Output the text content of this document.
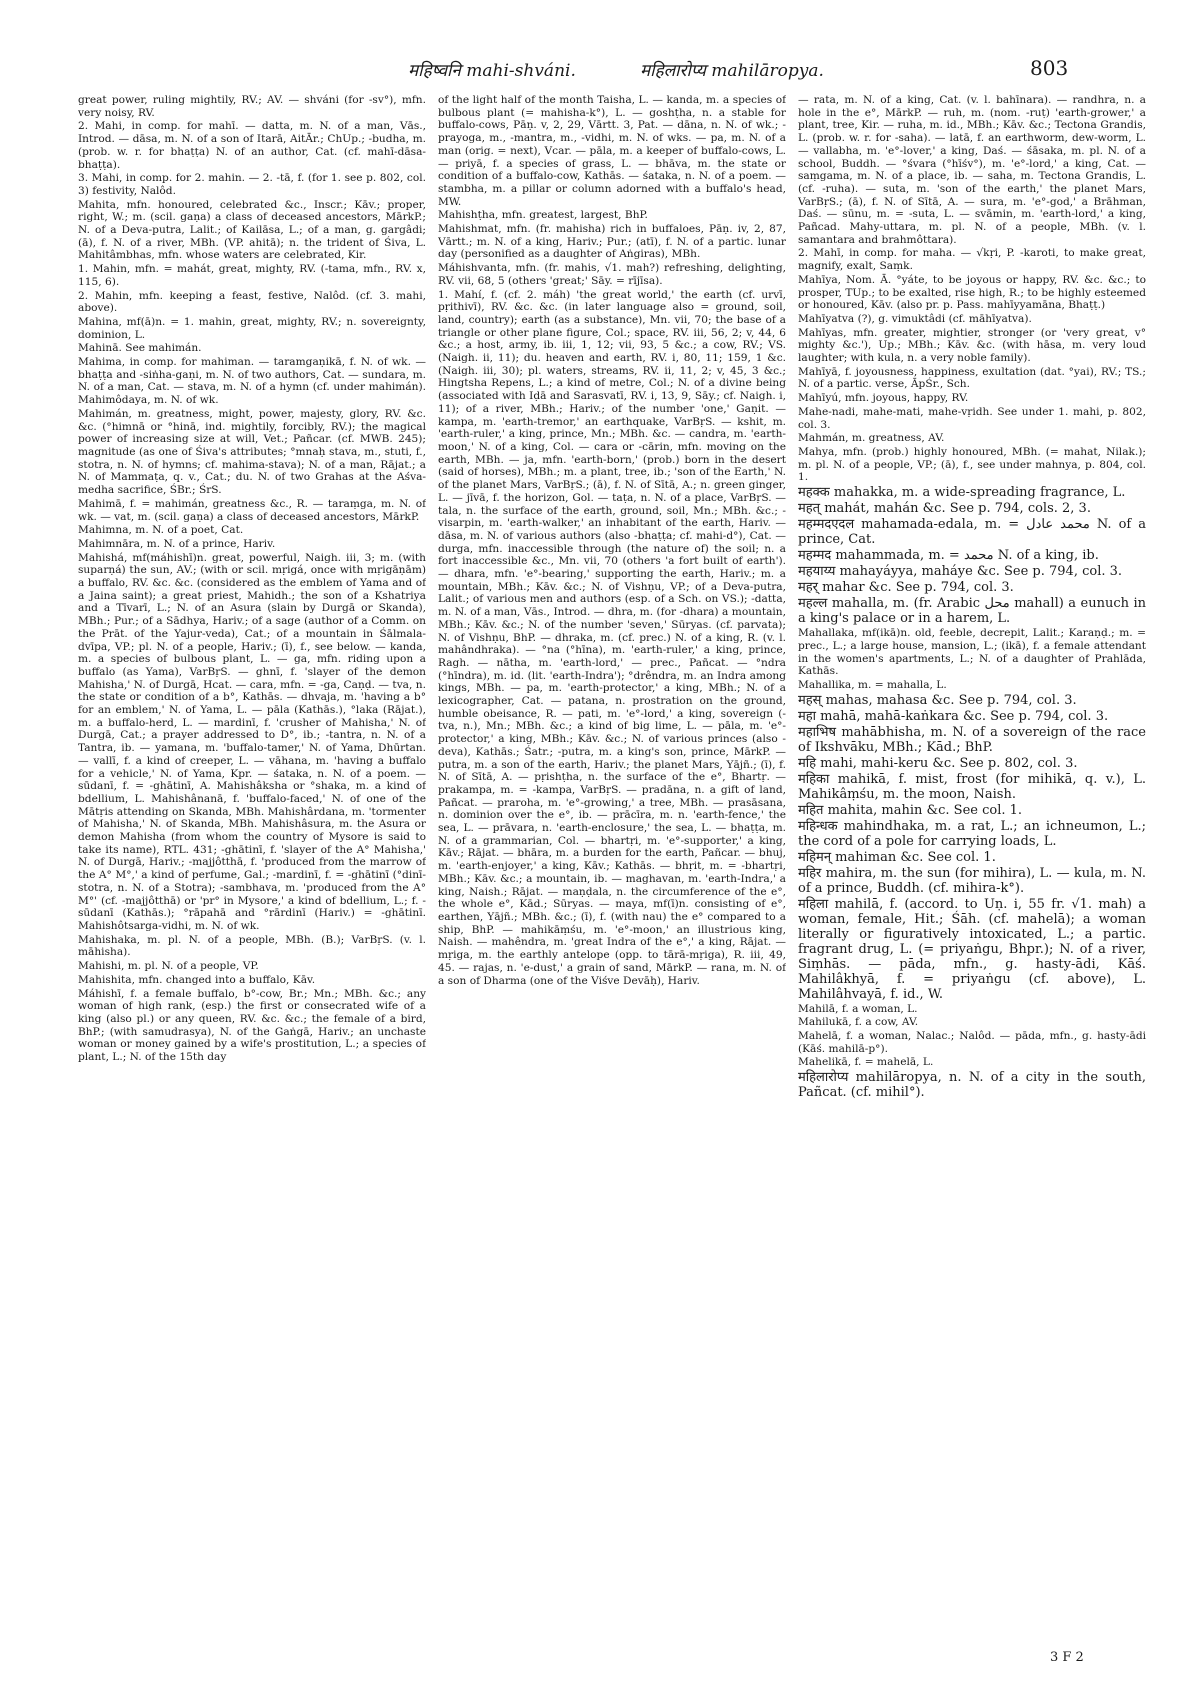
महिष्वनि mahi-shváni.	महिलारोप्य mahilāropya.	803

great power, ruling mightily, RV.; AV. — shváni (for -sv°), mfn. very noisy, RV.

2. Mahi, in comp. for mahī. — datta, m. N. of a man, Vās., Introd. — dāsa, m. N. of a son of Itarā, AitĀr.; ChUp.; -budha, m. (prob. w. r. for bhaṭṭa) N. of an author, Cat. (cf. mahī-dāsa-bhaṭṭa).

3. Mahi, in comp. for 2. mahin. — 2. -tā, f. (for 1. see p. 802, col. 3) festivity, Nalôd.

Mahita, mfn. honoured, celebrated &c., Inscr.; Kāv.; proper, right, W.; m. (scil. gaṇa) a class of deceased ancestors, MārkP.; N. of a Deva-putra, Lalit.; of Kailāsa, L.; of a man, g. gargâdi; (ā), f. N. of a river, MBh. (VP. ahitā); n. the trident of Śiva, L. Mahitâmbhas, mfn. whose waters are celebrated, Kir.

1. Mahin, mfn. = mahát, great, mighty, RV. (-tama, mfn., RV. x, 115, 6).

2. Mahin, mfn. keeping a feast, festive, Nalôd. (cf. 3. mahi, above).

Mahina, mf(ā)n. = 1. mahin, great, mighty, RV.; n. sovereignty, dominion, L.

Mahinā. See mahimán.

Mahima, in comp. for mahiman. — taramgaṇikā, f. N. of wk. — bhaṭṭa and -siṅha-gaṇi, m. N. of two authors, Cat. — sundara, m. N. of a man, Cat. — stava, m. N. of a hymn (cf. under mahimán). Mahimôdaya, m. N. of wk.

Mahimán, m. greatness, might, power, majesty, glory, RV. &c. &c. (°himnā or °hinā, ind. mightily, forcibly, RV.); the magical power of increasing size at will, Vet.; Pañcar. (cf. MWB. 245); magnitude (as one of Śiva's attributes; °mnaḥ stava, m., stuti, f., stotra, n. N. of hymns; cf. mahima-stava); N. of a man, Rājat.; a N. of Mammaṭa, q. v., Cat.; du. N. of two Grahas at the Aśva-medha sacrifice, ŚBr.; ŚrS.

Mahimā, f. = mahimán, greatness &c., R. — taraṃga, m. N. of wk. — vat, m. (scil. gaṇa) a class of deceased ancestors, MārkP.

Mahimna, m. N. of a poet, Cat.

Mahimnāra, m. N. of a prince, Hariv.

Mahishá, mf(máhishī)n. great, powerful, Naigh. iii, 3; m. (with suparṇá) the sun, AV.; (with or scil. mṛigá, once with mṛigāṇām) a buffalo, RV. &c. &c. (considered as the emblem of Yama and of a Jaina saint); a great priest, Mahidh.; the son of a Kshatriya and a Tīvarī, L.; N. of an Asura (slain by Durgā or Skanda), MBh.; Pur.; of a Sādhya, Hariv.; of a sage (author of a Comm. on the Prāt. of the Yajur-veda), Cat.; of a mountain in Śālmala-dvīpa, VP.; pl. N. of a people, Hariv.; (ī), f., see below. — kanda, m. a species of bulbous plant, L. — ga, mfn. riding upon a buffalo (as Yama), VarBṛS. — ghnī, f. 'slayer of the demon Mahisha,' N. of Durgā, Hcat. — cara, mfn. = -ga, Caṇḍ. — tva, n. the state or condition of a b°, Kathās. — dhvaja, m. 'having a b° for an emblem,' N. of Yama, L. — pāla (Kathās.), °laka (Rājat.), m. a buffalo-herd, L. — mardinī, f. 'crusher of Mahisha,' N. of Durgā, Cat.; a prayer addressed to D°, ib.; -tantra, n. N. of a Tantra, ib. — yamana, m. 'buffalo-tamer,' N. of Yama, Dhūrtan. — vallī, f. a kind of creeper, L. — vāhana, m. 'having a buffalo for a vehicle,' N. of Yama, Kpr. — śataka, n. N. of a poem. — sūdanī, f. = -ghātinī, A. Mahishâksha or °shaka, m. a kind of bdellium, L. Mahishânanā, f. 'buffalo-faced,' N. of one of the Mātṛis attending on Skanda, MBh. Mahishârdana, m. 'tormenter of Mahisha,' N. of Skanda, MBh. Mahishâsura, m. the Asura or demon Mahisha (from whom the country of Mysore is said to take its name), RTL. 431; -ghātinī, f. 'slayer of the A° Mahisha,' N. of Durgā, Hariv.; -majjôtthā, f. 'produced from the marrow of the A° M°,' a kind of perfume, Gal.; -mardinī, f. = -ghātinī (°dinī-stotra, n. N. of a Stotra); -sambhava, m. 'produced from the A° M°' (cf. -majjôtthā) or 'pr° in Mysore,' a kind of bdellium, L.; f. -sūdanī (Kathās.); °rāpahā and °rārdinī (Hariv.) = -ghātinī. Mahishôtsarga-vidhi, m. N. of wk.

Mahishaka, m. pl. N. of a people, MBh. (B.); VarBṛS. (v. l. māhisha).

Mahishi, m. pl. N. of a people, VP.

Mahishita, mfn. changed into a buffalo, Kāv.

Máhishī, f. a female buffalo, b°-cow, Br.; Mn.; MBh. &c.; any woman of high rank, (esp.) the first or consecrated wife of a king (also pl.) or any queen, RV. &c. &c.; the female of a bird, BhP.; (with samudrasya), N. of the Gaṅgā, Hariv.; an unchaste woman or money gained by a wife's prostitution, L.; a species of plant, L.; N. of the 15th day

of the light half of the month Taisha, L. — kanda, m. a species of bulbous plant (= mahisha-k°), L. — goshṭha, n. a stable for buffalo-cows, Pāṇ. v, 2, 29, Vārtt. 3, Pat. — dāna, n. N. of wk.; -prayoga, m., -mantra, m., -vidhi, m. N. of wks. — pa, m. N. of a man (orig. = next), Vcar. — pāla, m. a keeper of buffalo-cows, L. — priyā, f. a species of grass, L. — bhāva, m. the state or condition of a buffalo-cow, Kathās. — śataka, n. N. of a poem. — stambha, m. a pillar or column adorned with a buffalo's head, MW.

Mahishṭha, mfn. greatest, largest, BhP.

Mahishmat, mfn. (fr. mahisha) rich in buffaloes, Pāṇ. iv, 2, 87, Vārtt.; m. N. of a king, Hariv.; Pur.; (atī), f. N. of a partic. lunar day (personified as a daughter of Aṅgiras), MBh.

Máhishvanta, mfn. (fr. mahis, √1. mah?) refreshing, delighting, RV. vii, 68, 5 (others 'great;' Sāy. = rījīsa).

1. Mahí, f. (cf. 2. máh) 'the great world,' the earth (cf. urvī, pṛithivī), RV. &c. &c. (in later language also = ground, soil, land, country); earth (as a substance), Mn. vii, 70; the base of a triangle or other plane figure, Col.; space, RV. iii, 56, 2; v, 44, 6 &c.; a host, army, ib. iii, 1, 12; vii, 93, 5 &c.; a cow, RV.; VS. (Naigh. ii, 11); du. heaven and earth, RV. i, 80, 11; 159, 1 &c. (Naigh. iii, 30); pl. waters, streams, RV. ii, 11, 2; v, 45, 3 &c.; Hingtsha Repens, L.; a kind of metre, Col.; N. of a divine being (associated with Iḍā and Sarasvatī, RV. i, 13, 9, Sāy.; cf. Naigh. i, 11); of a river, MBh.; Hariv.; of the number 'one,' Gaṇit. — kampa, m. 'earth-tremor,' an earthquake, VarBṛS. — kshit, m. 'earth-ruler,' a king, prince, Mn.; MBh. &c. — candra, m. 'earth-moon,' N. of a king, Col. — cara or -cārin, mfn. moving on the earth, MBh. — ja, mfn. 'earth-born,' (prob.) born in the desert (said of horses), MBh.; m. a plant, tree, ib.; 'son of the Earth,' N. of the planet Mars, VarBṛS.; (ā), f. N. of Sītā, A.; n. green ginger, L. — jīvā, f. the horizon, Gol. — taṭa, n. N. of a place, VarBṛS. — tala, n. the surface of the earth, ground, soil, Mn.; MBh. &c.; -visarpin, m. 'earth-walker,' an inhabitant of the earth, Hariv. — dāsa, m. N. of various authors (also -bhaṭṭa; cf. mahi-d°), Cat. — durga, mfn. inaccessible through (the nature of) the soil; n. a fort inaccessible &c., Mn. vii, 70 (others 'a fort built of earth'). — dhara, mfn. 'e°-bearing,' supporting the earth, Hariv.; m. a mountain, MBh.; Kāv. &c.; N. of Vishṇu, VP.; of a Deva-putra, Lalit.; of various men and authors (esp. of a Sch. on VS.); -datta, m. N. of a man, Vās., Introd. — dhra, m. (for -dhara) a mountain, MBh.; Kāv. &c.; N. of the number 'seven,' Sūryas. (cf. parvata); N. of Vishṇu, BhP. — dhraka, m. (cf. prec.) N. of a king, R. (v. l. mahândhraka). — °na (°hīna), m. 'earth-ruler,' a king, prince, Ragh. — nātha, m. 'earth-lord,' — prec., Pañcat. — °ndra (°hīndra), m. id. (lit. 'earth-Indra'); °drêndra, m. an Indra among kings, MBh. — pa, m. 'earth-protector,' a king, MBh.; N. of a lexicographer, Cat. — patana, n. prostration on the ground, humble obeisance, R. — pati, m. 'e°-lord,' a king, sovereign (-tva, n.), Mn.; MBh. &c.; a kind of big lime, L. — pāla, m. 'e°-protector,' a king, MBh.; Kāv. &c.; N. of various princes (also -deva), Kathās.; Śatr.; -putra, m. a king's son, prince, MārkP. — putra, m. a son of the earth, Hariv.; the planet Mars, Yājñ.; (ī), f. N. of Sītā, A. — pṛishṭha, n. the surface of the e°, Bhartṛ. — prakampa, m. = -kampa, VarBṛS. — pradāna, n. a gift of land, Pañcat. — praroha, m. 'e°-growing,' a tree, MBh. — prasāsana, n. dominion over the e°, ib. — prācīra, m. n. 'earth-fence,' the sea, L. — prāvara, n. 'earth-enclosure,' the sea, L. — bhaṭṭa, m. N. of a grammarian, Col. — bhartṛi, m. 'e°-supporter,' a king, Kāv.; Rājat. — bhāra, m. a burden for the earth, Pañcar. — bhuj, m. 'earth-enjoyer,' a king, Kāv.; Kathās. — bhṛit, m. = -bhartṛi, MBh.; Kāv. &c.; a mountain, ib. — maghavan, m. 'earth-Indra,' a king, Naish.; Rājat. — maṇḍala, n. the circumference of the e°, the whole e°, Kād.; Sūryas. — maya, mf(ī)n. consisting of e°, earthen, Yājñ.; MBh. &c.; (ī), f. (with nau) the e° compared to a ship, BhP. — mahikāṃśu, m. 'e°-moon,' an illustrious king, Naish. — mahêndra, m. 'great Indra of the e°,' a king, Rājat. — mṛiga, m. the earthly antelope (opp. to tārā-mṛiga), R. iii, 49, 45. — rajas, n. 'e-dust,' a grain of sand, MārkP. — rana, m. N. of a son of Dharma (one of the Viśve Devāḥ), Hariv.

— rata, m. N. of a king, Cat. (v. l. bahīnara). — randhra, n. a hole in the e°, MārkP. — ruh, m. (nom. -ruṭ) 'earth-grower,' a plant, tree, Kir. — ruha, m. id., MBh.; Kāv. &c.; Tectona Grandis, L. (prob. w. r. for -saha). — latā, f. an earthworm, dew-worm, L. — vallabha, m. 'e°-lover,' a king, Daś. — śāsaka, m. pl. N. of a school, Buddh. — °śvara (°hīśv°), m. 'e°-lord,' a king, Cat. — saṃgama, m. N. of a place, ib. — saha, m. Tectona Grandis, L. (cf. -ruha). — suta, m. 'son of the earth,' the planet Mars, VarBṛS.; (ā), f. N. of Sītā, A. — sura, m. 'e°-god,' a Brāhman, Daś. — sūnu, m. = -suta, L. — svāmin, m. 'earth-lord,' a king, Pañcad. Mahy-uttara, m. pl. N. of a people, MBh. (v. l. samantara and brahmôttara).

2. Mahī, in comp. for maha. — √kṛi, P. -karoti, to make great, magnify, exalt, Saṃk.

Mahīya, Nom. Ā. °yáte, to be joyous or happy, RV. &c. &c.; to prosper, TUp.; to be exalted, rise high, R.; to be highly esteemed or honoured, Kāv. (also pr. p. Pass. mahīyyamāna, Bhaṭṭ.)

Mahīyatva (?), g. vimuktâdi (cf. māhīyatva).

Mahīyas, mfn. greater, mightier, stronger (or 'very great, v° mighty &c.'), Up.; MBh.; Kāv. &c. (with hāsa, m. very loud laughter; with kula, n. a very noble family).

Mahīyā, f. joyousness, happiness, exultation (dat. °yai), RV.; TS.; N. of a partic. verse, ĀpŚr., Sch.

Mahīyú, mfn. joyous, happy, RV.

Mahe-nadi, mahe-mati, mahe-vṛidh. See under 1. mahi, p. 802, col. 3.

Mahmán, m. greatness, AV.

Mahya, mfn. (prob.) highly honoured, MBh. (= mahat, Nilak.); m. pl. N. of a people, VP.; (ā), f., see under mahnya, p. 804, col. 1.

महक्क mahakka, m. a wide-spreading fragrance, L.

महत् mahát, mahán &c. See p. 794, cols. 2, 3.

महम्मदएदल mahamada-edala, m. = محمد عادل N. of a prince, Cat.

महम्मद mahammada, m. = محمد N. of a king, ib.

महयाय्य mahayáyya, maháye &c. See p. 794, col. 3.

महर् mahar &c. See p. 794, col. 3.

महल्ल mahalla, m. (fr. Arabic محل mahall) a eunuch in a king's palace or in a harem, L.

Mahallaka, mf(ikā)n. old, feeble, decrepit, Lalit.; Karaṇḍ.; m. = prec., L.; a large house, mansion, L.; (ikā), f. a female attendant in the women's apartments, L.; N. of a daughter of Prahlāda, Kathās.

Mahallika, m. = mahalla, L.

महस् mahas, mahasa &c. See p. 794, col. 3.

महा mahā, mahā-kaṅkara &c. See p. 794, col. 3.

महाभिष mahābhisha, m. N. of a sovereign of the race of Ikshvāku, MBh.; Kād.; BhP.

महि mahi, mahi-keru &c. See p. 802, col. 3.

महिका mahikā, f. mist, frost (for mihikā, q. v.), L. Mahikâṃśu, m. the moon, Naish.

महित mahita, mahin &c. See col. 1.

महिन्धक mahindhaka, m. a rat, L.; an ichneumon, L.; the cord of a pole for carrying loads, L.

महिमन् mahiman &c. See col. 1.

महिर mahira, m. the sun (for mihira), L. — kula, m. N. of a prince, Buddh. (cf. mihira-k°).

महिला mahilā, f. (accord. to Uṇ. i, 55 fr. √1. mah) a woman, female, Hit.; Śāh. (cf. mahelā); a woman literally or figuratively intoxicated, L.; a partic. fragrant drug, L. (= priyaṅgu, Bhpr.); N. of a river, Siṃhās. — pāda, mfn., g. hasty-ādi, Kāś. Mahilâkhyā, f. = priyaṅgu (cf. above), L. Mahilâhvayā, f. id., W.

Mahilā, f. a woman, L.

Mahilukā, f. a cow, AV.

Mahelā, f. a woman, Nalac.; Nalôd. — pāda, mfn., g. hasty-ādi (Kāś. mahilā-p°).

Mahelikā, f. = mahelā, L.

महिलारोप्य mahilāropya, n. N. of a city in the south, Pañcat. (cf. mihil°).

3 F 2
